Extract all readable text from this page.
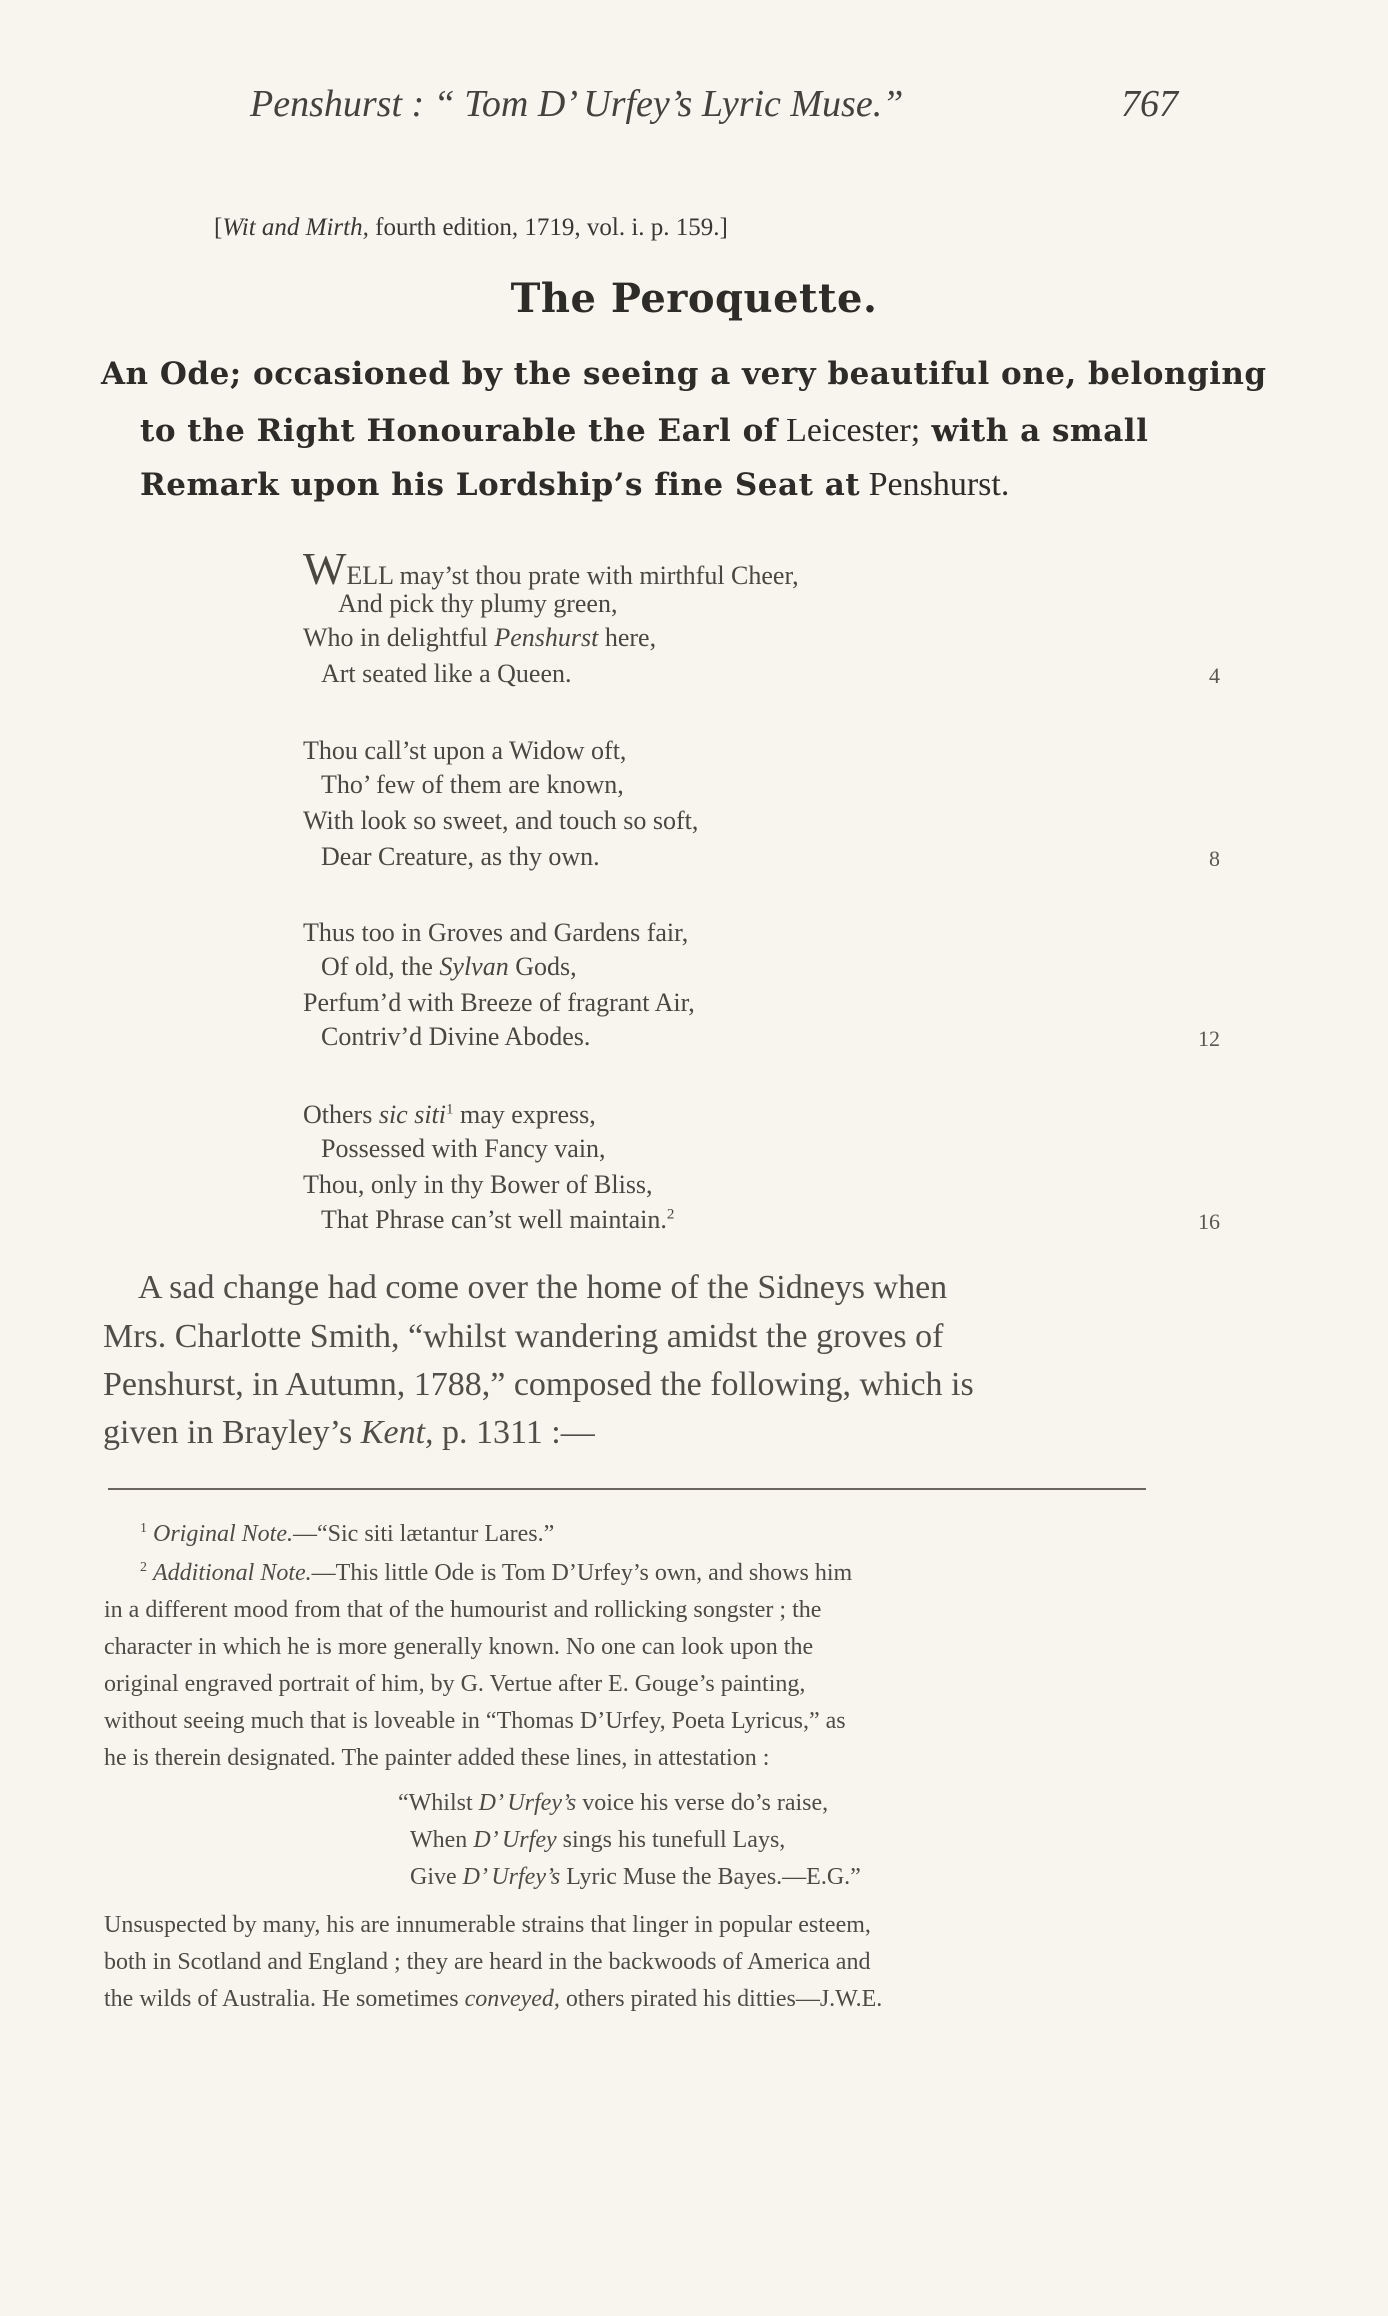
Penshurst : “ Tom D’ Urfey’s Lyric Muse.”	767
[Wit and Mirth, fourth edition, 1719, vol. i. p. 159.]
The Peroquette.
An Ode; occasioned by the seeing a very beautiful one, belonging
to the Right Honourable the Earl of Leicester; with a small
Remark upon his Lordship’s fine Seat at Penshurst.
WELL may’st thou prate with mirthful Cheer,
And pick thy plumy green,
Who in delightful Penshurst here,
Art seated like a Queen.	4
Thou call’st upon a Widow oft,
Tho’ few of them are known,
With look so sweet, and touch so soft,
Dear Creature, as thy own.	8
Thus too in Groves and Gardens fair,
Of old, the Sylvan Gods,
Perfum’d with Breeze of fragrant Air,
Contriv’d Divine Abodes.	12
Others sic siti$^1$ may express,
Possessed with Fancy vain,
Thou, only in thy Bower of Bliss,
That Phrase can’st well maintain.$^2$	16
A sad change had come over the home of the Sidneys when
Mrs. Charlotte Smith, “whilst wandering amidst the groves of
Penshurst, in Autumn, 1788,” composed the following, which is
given in Brayley’s Kent, p. 1311 :—
$^1$ Original Note.—“Sic siti lætantur Lares.”
$^2$ Additional Note.—This little Ode is Tom D’Urfey’s own, and shows him
in a different mood from that of the humourist and rollicking songster ; the
character in which he is more generally known. No one can look upon the
original engraved portrait of him, by G. Vertue after E. Gouge’s painting,
without seeing much that is loveable in “Thomas D’Urfey, Poeta Lyricus,” as
he is therein designated. The painter added these lines, in attestation :
“Whilst D’ Urfey’s voice his verse do’s raise,
When D’ Urfey sings his tunefull Lays,
Give D’ Urfey’s Lyric Muse the Bayes.—E.G.”
Unsuspected by many, his are innumerable strains that linger in popular esteem,
both in Scotland and England ; they are heard in the backwoods of America and
the wilds of Australia. He sometimes conveyed, others pirated his ditties—J.W.E.
